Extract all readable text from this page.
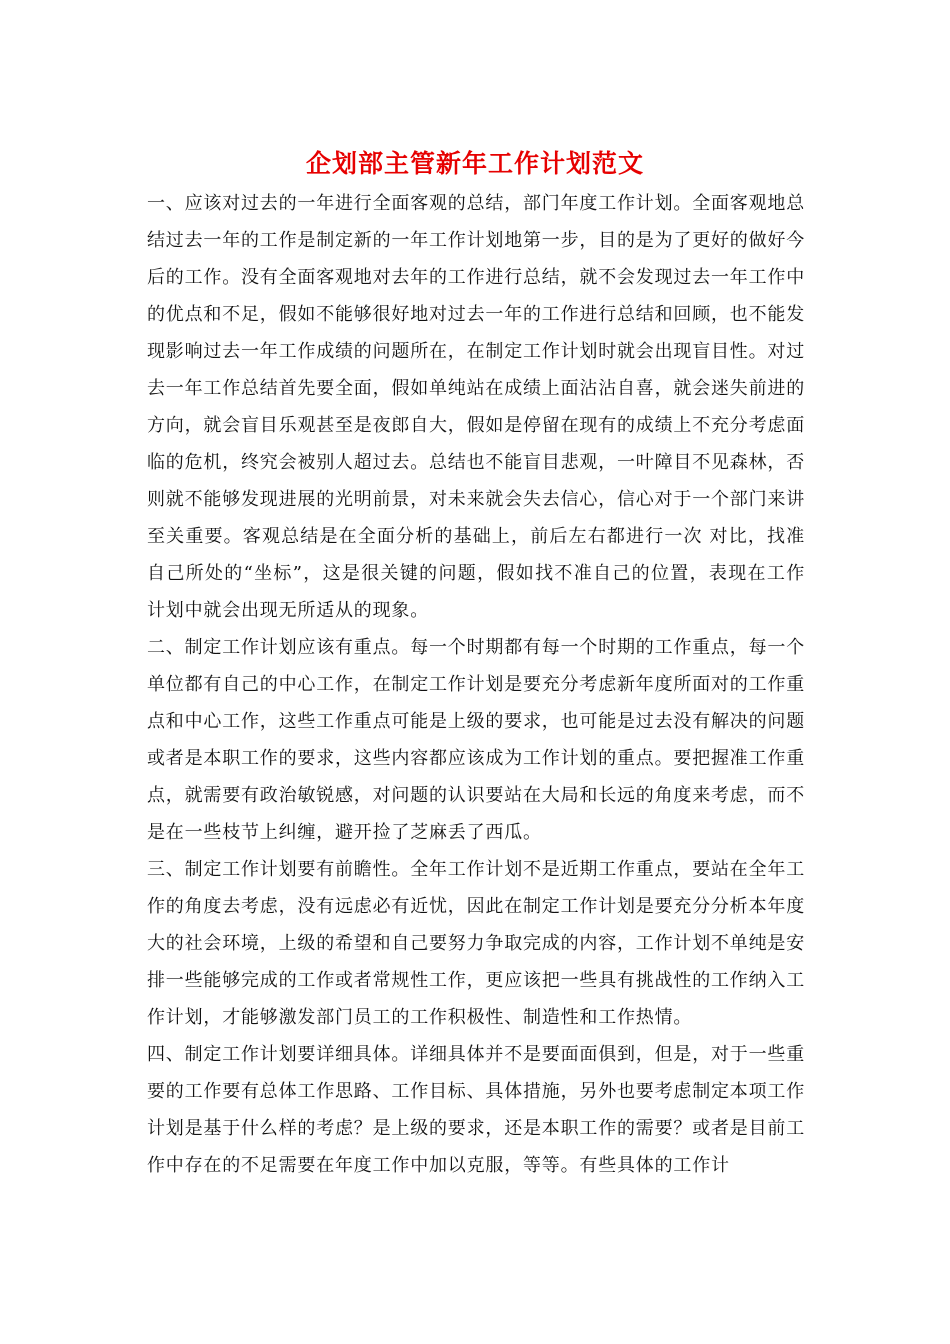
企划部主管新年工作计划范文

一、应该对过去的一年进行全面客观的总结，部门年度工作计划。全面客观地总结过去一年的工作是制定新的一年工作计划地第一步，目的是为了更好的做好今后的工作。没有全面客观地对去年的工作进行总结，就不会发现过去一年工作中的优点和不足，假如不能够很好地对过去一年的工作进行总结和回顾，也不能发现影响过去一年工作成绩的问题所在，在制定工作计划时就会出现盲目性。对过去一年工作总结首先要全面，假如单纯站在成绩上面沾沾自喜，就会迷失前进的方向，就会盲目乐观甚至是夜郎自大，假如是停留在现有的成绩上不充分考虑面临的危机，终究会被别人超过去。总结也不能盲目悲观，一叶障目不见森林，否则就不能够发现进展的光明前景，对未来就会失去信心，信心对于一个部门来讲至关重要。客观总结是在全面分析的基础上，前后左右都进行一次 对比，找准自己所处的“坐标”，这是很关键的问题，假如找不准自己的位置，表现在工作计划中就会出现无所适从的现象。

二、制定工作计划应该有重点。每一个时期都有每一个时期的工作重点，每一个单位都有自己的中心工作，在制定工作计划是要充分考虑新年度所面对的工作重点和中心工作，这些工作重点可能是上级的要求，也可能是过去没有解决的问题或者是本职工作的要求，这些内容都应该成为工作计划的重点。要把握准工作重点，就需要有政治敏锐感，对问题的认识要站在大局和长远的角度来考虑，而不是在一些枝节上纠缠，避开捡了芝麻丢了西瓜。

三、制定工作计划要有前瞻性。全年工作计划不是近期工作重点，要站在全年工作的角度去考虑，没有远虑必有近忧，因此在制定工作计划是要充分分析本年度大的社会环境，上级的希望和自己要努力争取完成的内容，工作计划不单纯是安排一些能够完成的工作或者常规性工作，更应该把一些具有挑战性的工作纳入工作计划，才能够激发部门员工的工作积极性、制造性和工作热情。

四、制定工作计划要详细具体。详细具体并不是要面面俱到，但是，对于一些重要的工作要有总体工作思路、工作目标、具体措施，另外也要考虑制定本项工作计划是基于什么样的考虑？是上级的要求，还是本职工作的需要？或者是目前工作中存在的不足需要在年度工作中加以克服，等等。有些具体的工作计
